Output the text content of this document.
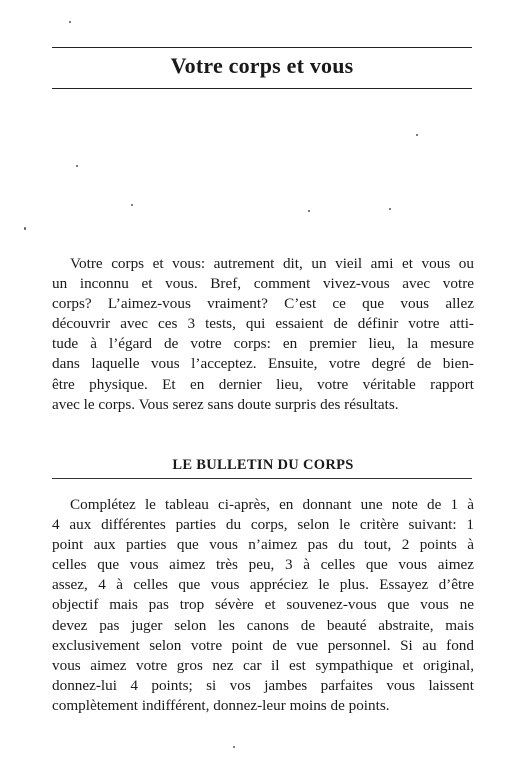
Votre corps et vous
Votre corps et vous: autrement dit, un vieil ami et vous ou
un inconnu et vous. Bref, comment vivez-vous avec votre
corps? L’aimez-vous vraiment? C’est ce que vous allez
découvrir avec ces 3 tests, qui essaient de définir votre atti-
tude à l’égard de votre corps: en premier lieu, la mesure
dans laquelle vous l’acceptez. Ensuite, votre degré de bien-
être physique. Et en dernier lieu, votre véritable rapport
avec le corps. Vous serez sans doute surpris des résultats.
LE BULLETIN DU CORPS
Complétez le tableau ci-après, en donnant une note de 1 à
4 aux différentes parties du corps, selon le critère suivant: 1
point aux parties que vous n’aimez pas du tout, 2 points à
celles que vous aimez très peu, 3 à celles que vous aimez
assez, 4 à celles que vous appréciez le plus. Essayez d’être
objectif mais pas trop sévère et souvenez-vous que vous ne
devez pas juger selon les canons de beauté abstraite, mais
exclusivement selon votre point de vue personnel. Si au fond
vous aimez votre gros nez car il est sympathique et original,
donnez-lui 4 points; si vos jambes parfaites vous laissent
complètement indifférent, donnez-leur moins de points.
